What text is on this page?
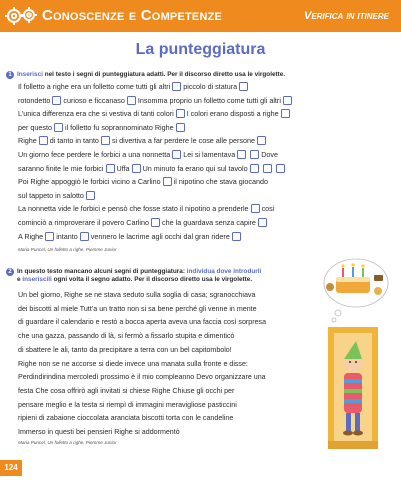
Conoscenze e Competenze	Verifica in itinere
La punteggiatura
1 Inserisci nel testo i segni di punteggiatura adatti. Per il discorso diretto usa le virgolette.
Il folletto a righe era un folletto come tutti gli altri piccolo di statura
rotondetto curioso e ficcanaso Insomma proprio un folletto come tutti gli altri
L’unica differenza era che si vestiva di tanti colori I colori erano disposti a righe
per questo il folletto fu soprannominato Righe
Righe di tanto in tanto si divertiva a far perdere le cose alle persone
Un giorno fece perdere le forbici a una nonnetta Lei si lamentava	Dove
saranno finite le mie forbici Uffa Un minuto fa erano qui sul tavolo
Poi Righe appoggiò le forbici vicino a Carlino il nipotino che stava giocando
sul tappeto in salotto
La nonnetta vide le forbici e pensò che fosse stato il nipotino a prenderle così
cominciò a rimproverare il povero Carlino che la guardava senza capire
A Righe intanto vennero le lacrime agli occhi dal gran ridere
Maria Puncel, Un folletto a righe, Piemme Junior
2 In questo testo mancano alcuni segni di punteggiatura: individua dove introdurli
e inseriscili ogni volta il segno adatto. Per il discorso diretto usa le virgolette.
Un bel giorno, Righe se ne stava seduto sulla soglia di casa; sgranocchiava
dei biscotti al miele Tutt’a un tratto non si sa bene perché gli venne in mente
di guardare il calendario e restò a bocca aperta aveva una faccia così sorpresa
che una gazza, passando di là, si fermò a fissarlo stupita e dimenticò
di sbattere le ali, tanto da precipitare a terra con un bel capitombolo!
Righe non se ne accorse si diede invece una manata sulla fronte e disse:
Perdindirindina mercoledì prossimo è il mio compleanno Devo organizzare una
festa Che cosa offrirò agli invitati si chiese Righe Chiuse gli occhi per
pensare meglio e la testa si riempì di immagini meravigliose pasticcini
ripieni di zabaione cioccolata aranciata biscotti torta con le candeline
Immerso in questi bei pensieri Righe si addormentò
Maria Puncel, Un folletto a righe, Piemme Junior
124
